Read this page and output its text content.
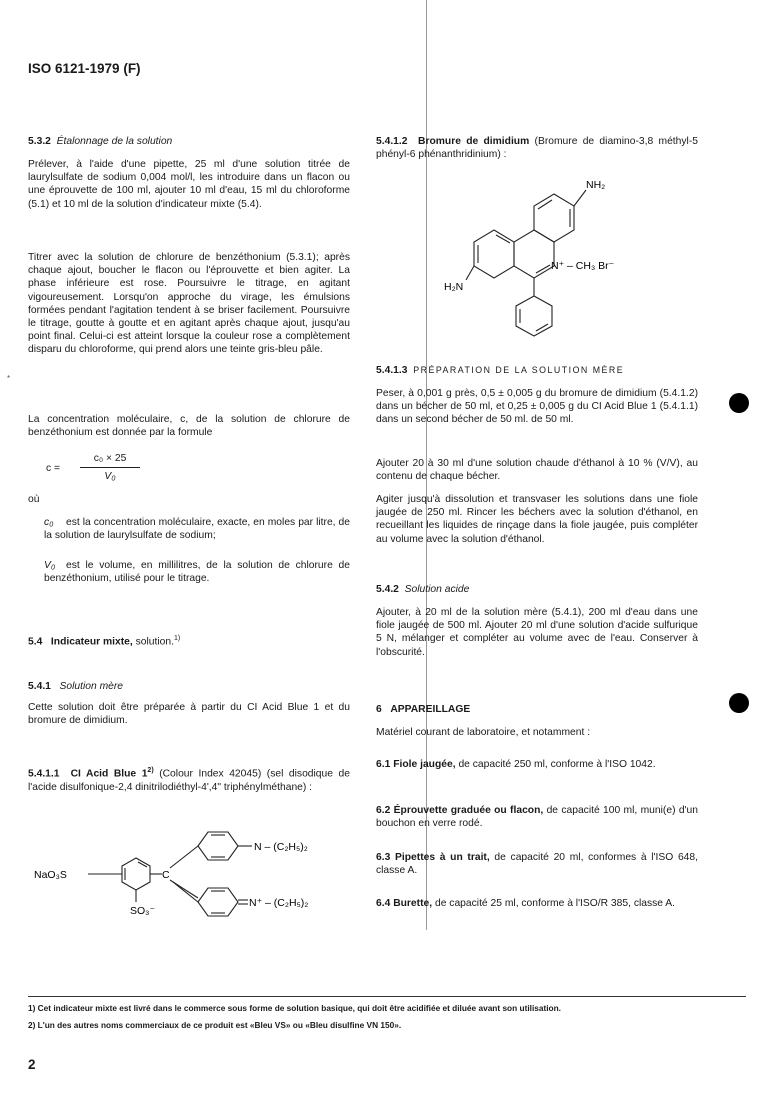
ISO 6121-1979 (F)
*
5.3.2 Étalonnage de la solution
Prélever, à l'aide d'une pipette, 25 ml d'une solution titrée de laurylsulfate de sodium 0,004 mol/l, les introduire dans un flacon ou une éprouvette de 100 ml, ajouter 10 ml d'eau, 15 ml du chloroforme (5.1) et 10 ml de la solution d'indicateur mixte (5.4).
Titrer avec la solution de chlorure de benzéthonium (5.3.1); après chaque ajout, boucher le flacon ou l'éprouvette et bien agiter. La phase inférieure est rose. Poursuivre le titrage, en agitant vigoureusement. Lorsqu'on approche du virage, les émulsions formées pendant l'agitation tendent à se briser facilement. Poursuivre le titrage, goutte à goutte et en agitant après chaque ajout, jusqu'au point final. Celui-ci est atteint lorsque la couleur rose a complètement disparu du chloroforme, qui prend alors une teinte gris-bleu pâle.
La concentration moléculaire, c, de la solution de chlorure de benzéthonium est donnée par la formule
c =
c₀ × 25
V₀
où
c₀	est la concentration moléculaire, exacte, en moles par litre, de la solution de laurylsulfate de sodium;
V₀	est le volume, en millilitres, de la solution de chlorure de benzéthonium, utilisé pour le titrage.
5.4 Indicateur mixte, solution.$^{1)}$
5.4.1 Solution mère
Cette solution doit être préparée à partir du CI Acid Blue 1 et du bromure de dimidium.
5.4.1.1 CI Acid Blue 1$^{2)}$ (Colour Index 42045) (sel disodique de l'acide disulfonique-2,4 dinitrilodiéthyl-4',4" triphénylméthane) :
NaO₃S	C
N – (C₂H₅)₂
N⁺ – (C₂H₅)₂
SO₃⁻
5.4.1.2 Bromure de dimidium (Bromure de diamino-3,8 méthyl-5 phényl-6 phénanthridinium) :
NH₂
N⁺ – CH₃ Br⁻
H₂N
5.4.1.3 PRÉPARATION DE LA SOLUTION MÈRE
Peser, à 0,001 g près, 0,5 ± 0,005 g du bromure de dimidium (5.4.1.2) dans un bécher de 50 ml, et 0,25 ± 0,005 g du CI Acid Blue 1 (5.4.1.1) dans un second bécher de 50 ml. de 50 ml.
Ajouter 20 à 30 ml d'une solution chaude d'éthanol à 10 % (V/V), au contenu de chaque bécher.
Agiter jusqu'à dissolution et transvaser les solutions dans une fiole jaugée de 250 ml. Rincer les béchers avec la solution d'éthanol, en recueillant les liquides de rinçage dans la fiole jaugée, puis compléter au volume avec la solution d'éthanol.
5.4.2 Solution acide
Ajouter, à 20 ml de la solution mère (5.4.1), 200 ml d'eau dans une fiole jaugée de 500 ml. Ajouter 20 ml d'une solution d'acide sulfurique 5 N, mélanger et compléter au volume avec de l'eau. Conserver à l'obscurité.
6 APPAREILLAGE
Matériel courant de laboratoire, et notamment :
6.1 Fiole jaugée, de capacité 250 ml, conforme à l'ISO 1042.
6.2 Éprouvette graduée ou flacon, de capacité 100 ml, muni(e) d'un bouchon en verre rodé.
6.3 Pipettes à un trait, de capacité 20 ml, conformes à l'ISO 648, classe A.
6.4 Burette, de capacité 25 ml, conforme à l'ISO/R 385, classe A.
1) Cet indicateur mixte est livré dans le commerce sous forme de solution basique, qui doit être acidifiée et diluée avant son utilisation.
2) L'un des autres noms commerciaux de ce produit est «Bleu VS» ou «Bleu disulfine VN 150».
2
